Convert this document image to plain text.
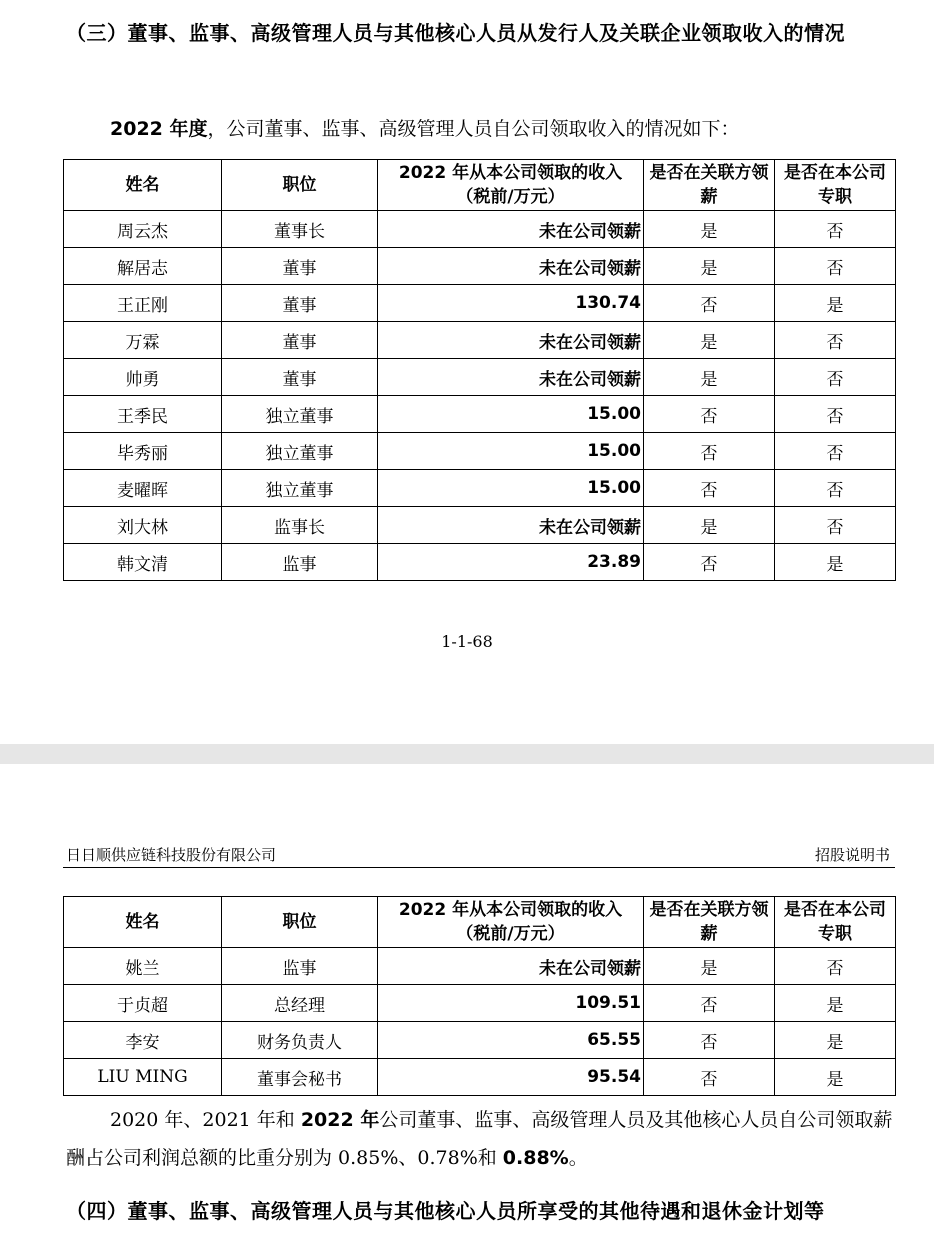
（三）董事、监事、高级管理人员与其他核心人员从发行人及关联企业领取收入的情况
2022 年度，公司董事、监事、高级管理人员自公司领取收入的情况如下：
姓名	职位	2022 年从本公司领取的收入（税前/万元）	是否在关联方领薪	是否在本公司专职
周云杰	董事长	未在公司领薪	是	否
解居志	董事	未在公司领薪	是	否
王正刚	董事	130.74	否	是
万霖	董事	未在公司领薪	是	否
帅勇	董事	未在公司领薪	是	否
王季民	独立董事	15.00	否	否
毕秀丽	独立董事	15.00	否	否
麦曜晖	独立董事	15.00	否	否
刘大林	监事长	未在公司领薪	是	否
韩文清	监事	23.89	否	是
1-1-68
日日顺供应链科技股份有限公司	招股说明书
姓名	职位	2022 年从本公司领取的收入（税前/万元）	是否在关联方领薪	是否在本公司专职
姚兰	监事	未在公司领薪	是	否
于贞超	总经理	109.51	否	是
李安	财务负责人	65.55	否	是
LIU MING	董事会秘书	95.54	否	是
2020 年、2021 年和 2022 年公司董事、监事、高级管理人员及其他核心人员自公司领取薪酬占公司利润总额的比重分别为 0.85%、0.78%和 0.88%。
（四）董事、监事、高级管理人员与其他核心人员所享受的其他待遇和退休金计划等
